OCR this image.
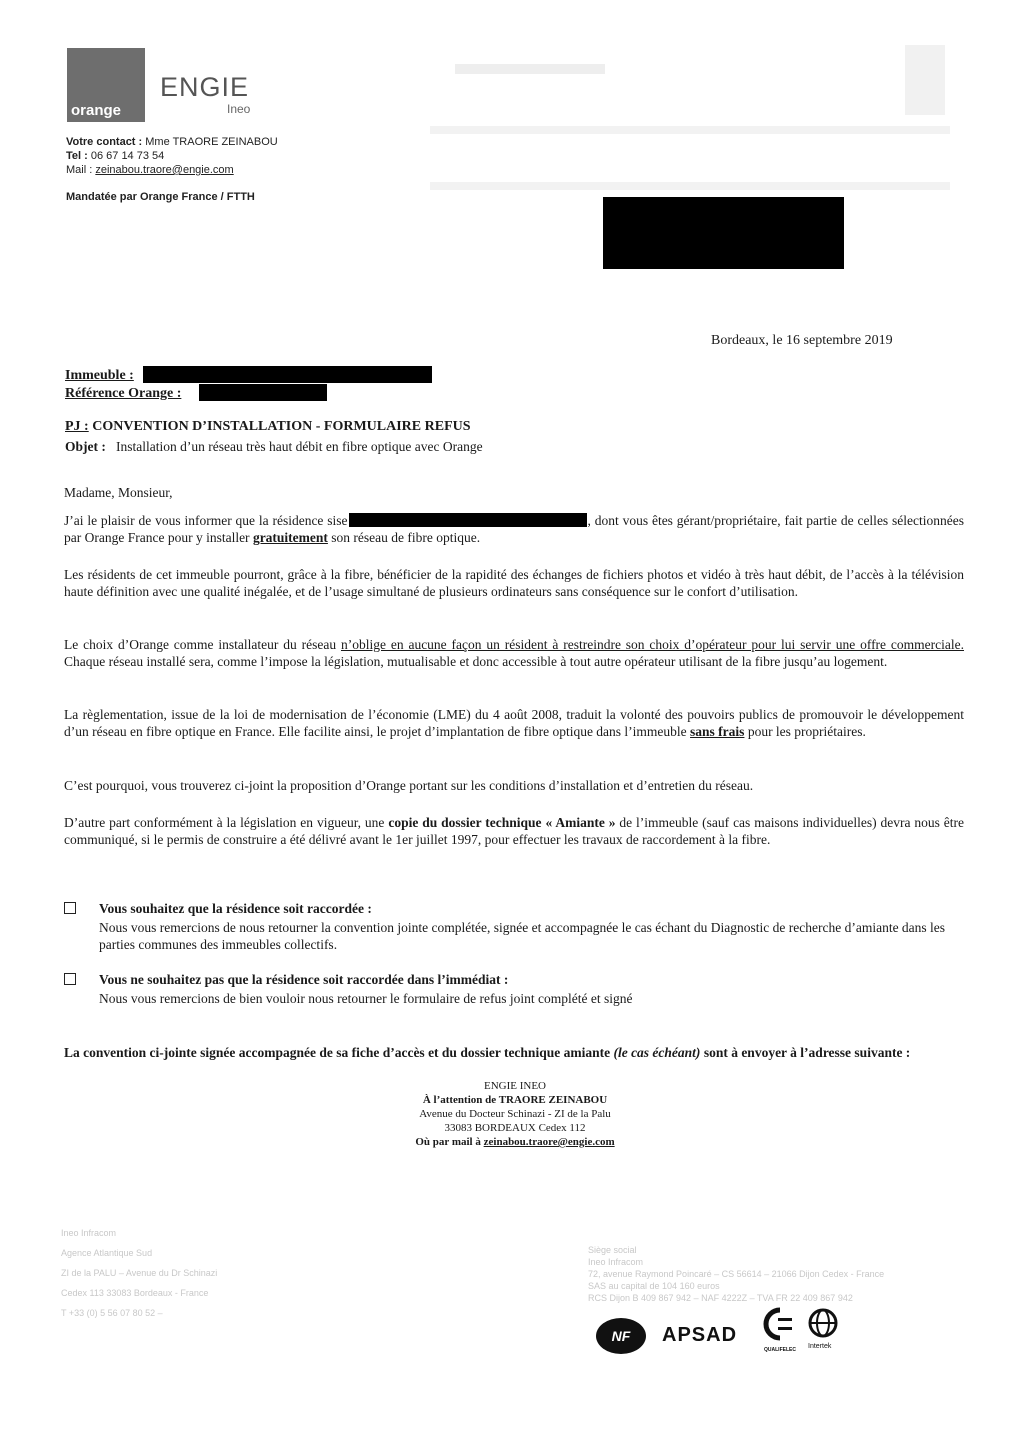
orange
ENGIE
Ineo
Votre contact : Mme TRAORE ZEINABOU
Tel : 06 67 14 73 54
Mail : zeinabou.traore@engie.com
Mandatée par Orange France / FTTH
Bordeaux, le 16 septembre 2019
Immeuble :
Référence Orange :
PJ : CONVENTION D’INSTALLATION - FORMULAIRE REFUS
Objet : Installation d’un réseau très haut débit en fibre optique avec Orange
Madame, Monsieur,
J’ai le plaisir de vous informer que la résidence sise	, dont vous êtes gérant/propriétaire, fait partie de celles sélectionnées par Orange France pour y installer gratuitement son réseau de fibre optique.
Les résidents de cet immeuble pourront, grâce à la fibre, bénéficier de la rapidité des échanges de fichiers photos et vidéo à très haut débit, de l’accès à la télévision haute définition avec une qualité inégalée, et de l’usage simultané de plusieurs ordinateurs sans conséquence sur le confort d’utilisation.
Le choix d’Orange comme installateur du réseau n’oblige en aucune façon un résident à restreindre son choix d’opérateur pour lui servir une offre commerciale. Chaque réseau installé sera, comme l’impose la législation, mutualisable et donc accessible à tout autre opérateur utilisant de la fibre jusqu’au logement.
La règlementation, issue de la loi de modernisation de l’économie (LME) du 4 août 2008, traduit la volonté des pouvoirs publics de promouvoir le développement d’un réseau en fibre optique en France. Elle facilite ainsi, le projet d’implantation de fibre optique dans l’immeuble sans frais pour les propriétaires.
C’est pourquoi, vous trouverez ci-joint la proposition d’Orange portant sur les conditions d’installation et d’entretien du réseau.
D’autre part conformément à la législation en vigueur, une copie du dossier technique « Amiante » de l’immeuble (sauf cas maisons individuelles) devra nous être communiqué, si le permis de construire a été délivré avant le 1er juillet 1997, pour effectuer les travaux de raccordement à la fibre.
Vous souhaitez que la résidence soit raccordée :
Nous vous remercions de nous retourner la convention jointe complétée, signée et accompagnée le cas échant du Diagnostic de recherche d’amiante dans les parties communes des immeubles collectifs.
Vous ne souhaitez pas que la résidence soit raccordée dans l’immédiat :
Nous vous remercions de bien vouloir nous retourner le formulaire de refus joint complété et signé
La convention ci-jointe signée accompagnée de sa fiche d’accès et du dossier technique amiante (le cas échéant) sont à envoyer à l’adresse suivante :
ENGIE INEO
À l’attention de TRAORE ZEINABOU
Avenue du Docteur Schinazi - ZI de la Palu
33083 BORDEAUX Cedex 112
Où par mail à zeinabou.traore@engie.com
Ineo Infracom
Agence Atlantique Sud
ZI de la PALU – Avenue du Dr Schinazi
Cedex 113 33083 Bordeaux - France
T +33 (0) 5 56 07 80 52 –
Siège social
Ineo Infracom
72, avenue Raymond Poincaré – CS 56614 – 21066 Dijon Cedex - France
SAS au capital de 104 160 euros
RCS Dijon B 409 867 942 – NAF 4222Z – TVA FR 22 409 867 942
NF	APSAD
QUALIFELEC Intertek
